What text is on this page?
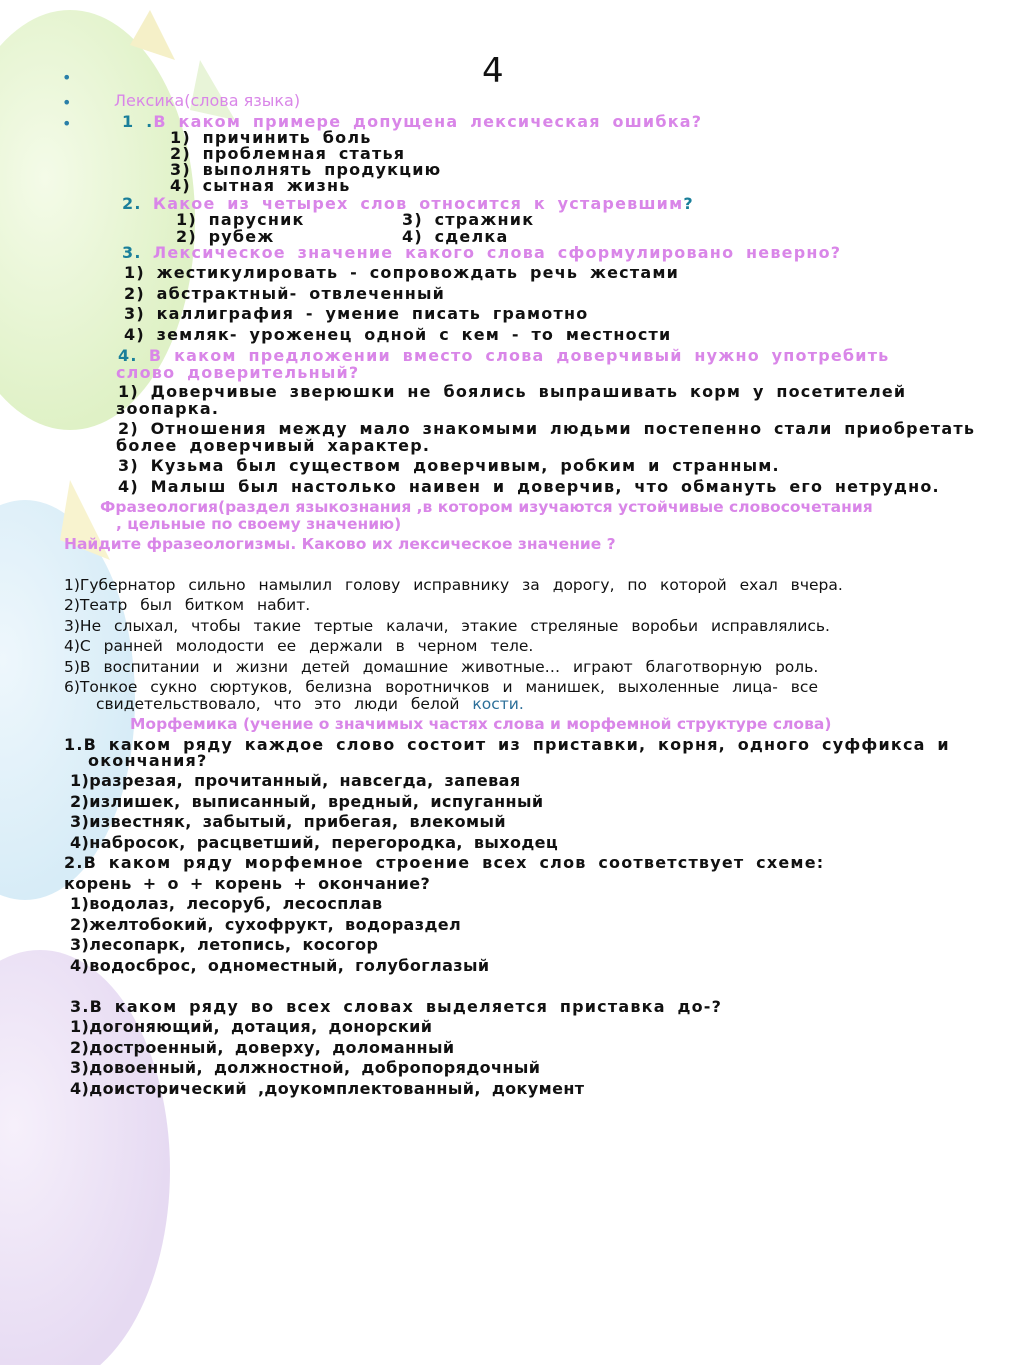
4
•
•
•
Лексика(слова языка)
1 .В каком примере допущена лексическая ошибка?
1) причинить боль
2) проблемная статья
3) выполнять продукцию
4) сытная жизнь
2. Какое из четырех слов относится к устаревшим?
1) парусник	3) стражник
2) рубеж	4) сделка
3. Лексическое значение какого слова сформулировано неверно?
1) жестикулировать - сопровождать речь жестами
2) абстрактный- отвлеченный
3) каллиграфия - умение писать грамотно
4) земляк- уроженец одной с кем - то местности
4. В каком предложении вместо слова доверчивый нужно употребить
слово доверительный?
1) Доверчивые зверюшки не боялись выпрашивать корм у посетителей
зоопарка.
2) Отношения между мало знакомыми людьми постепенно стали приобретать
более доверчивый характер.
3) Кузьма был существом доверчивым, робким и странным.
4) Малыш был настолько наивен и доверчив, что обмануть его нетрудно.
Фразеология(раздел языкознания ,в котором изучаются устойчивые словосочетания
, цельные по своему значению)
Найдите фразеологизмы. Каково их лексическое значение ?
1)Губернатор сильно намылил голову исправнику за дорогу, по которой ехал вчера.
2)Театр был битком набит.
3)Не слыхал, чтобы такие тертые калачи, этакие стреляные воробьи исправлялись.
4)С ранней молодости ее держали в черном теле.
5)В воспитании и жизни детей домашние животные… играют благотворную роль.
6)Тонкое сукно сюртуков, белизна воротничков и манишек, выхоленные лица- все
свидетельствовало, что это люди белой кости.
Морфемика (учение о значимых частях слова и морфемной структуре слова)
1.В каком ряду каждое слово состоит из приставки, корня, одного суффикса и
окончания?
1)разрезая, прочитанный, навсегда, запевая
2)излишек, выписанный, вредный, испуганный
3)известняк, забытый, прибегая, влекомый
4)набросок, расцветший, перегородка, выходец
2.В каком ряду морфемное строение всех слов соответствует схеме:
корень + о + корень + окончание?
1)водолаз, лесоруб, лесосплав
2)желтобокий, сухофрукт, водораздел
3)лесопарк, летопись, косогор
4)водосброс, одноместный, голубоглазый
3.В каком ряду во всех словах выделяется приставка до-?
1)догоняющий, дотация, донорский
2)достроенный, доверху, доломанный
3)довоенный, должностной, добропорядочный
4)доисторический ,доукомплектованный, документ
